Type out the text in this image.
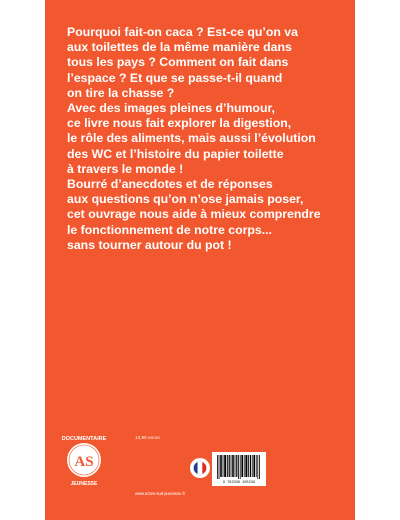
Pourquoi fait-on caca ? Est-ce qu’on va
aux toilettes de la même manière dans
tous les pays ? Comment on fait dans
l’espace ? Et que se passe-t-il quand
on tire la chasse ?
Avec des images pleines d’humour,
ce livre nous fait explorer la digestion,
le rôle des aliments, mais aussi l’évolution
des WC et l’histoire du papier toilette
à travers le monde !
Bourré d’anecdotes et de réponses
aux questions qu’on n’ose jamais poser,
cet ouvrage nous aide à mieux comprendre
le fonctionnement de notre corps...
sans tourner autour du pot !

DOCUMENTAIRE
AS
JEUNESSE
13,90 euros
9 782330 205539
www.actes-sud-jeunesse.fr
